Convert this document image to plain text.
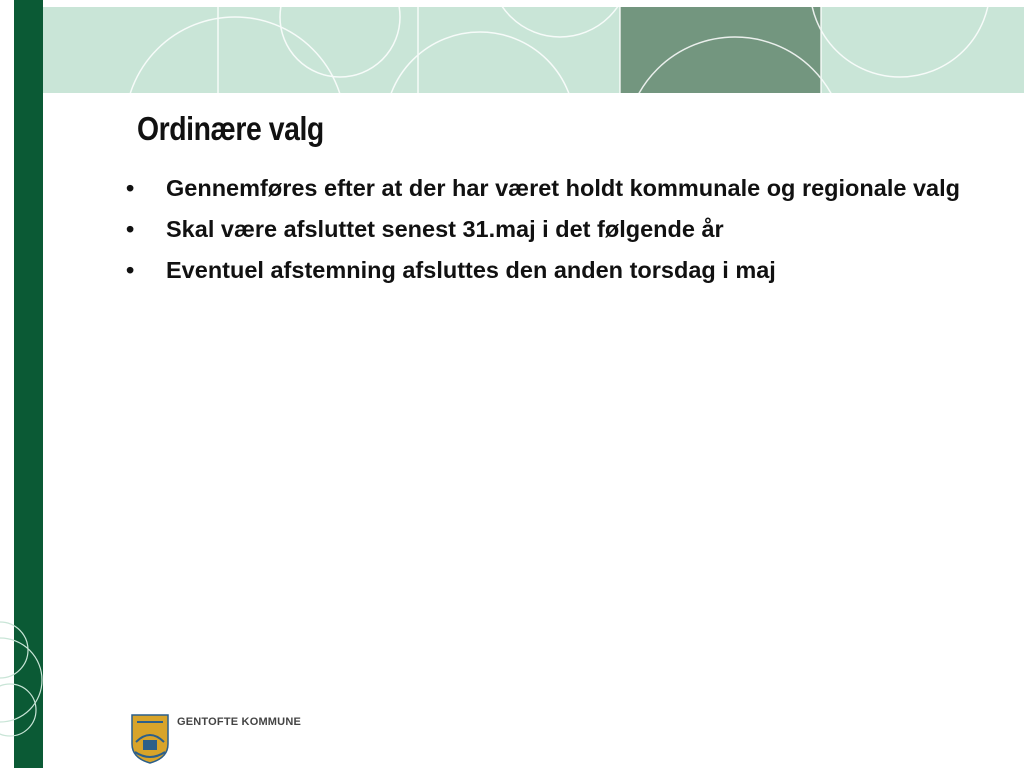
Ordinære valg
• Gennemføres efter at der har været holdt kommunale og regionale valg
• Skal være afsluttet senest 31.maj i det følgende år
• Eventuel afstemning afsluttes den anden torsdag i maj
GENTOFTE KOMMUNE
